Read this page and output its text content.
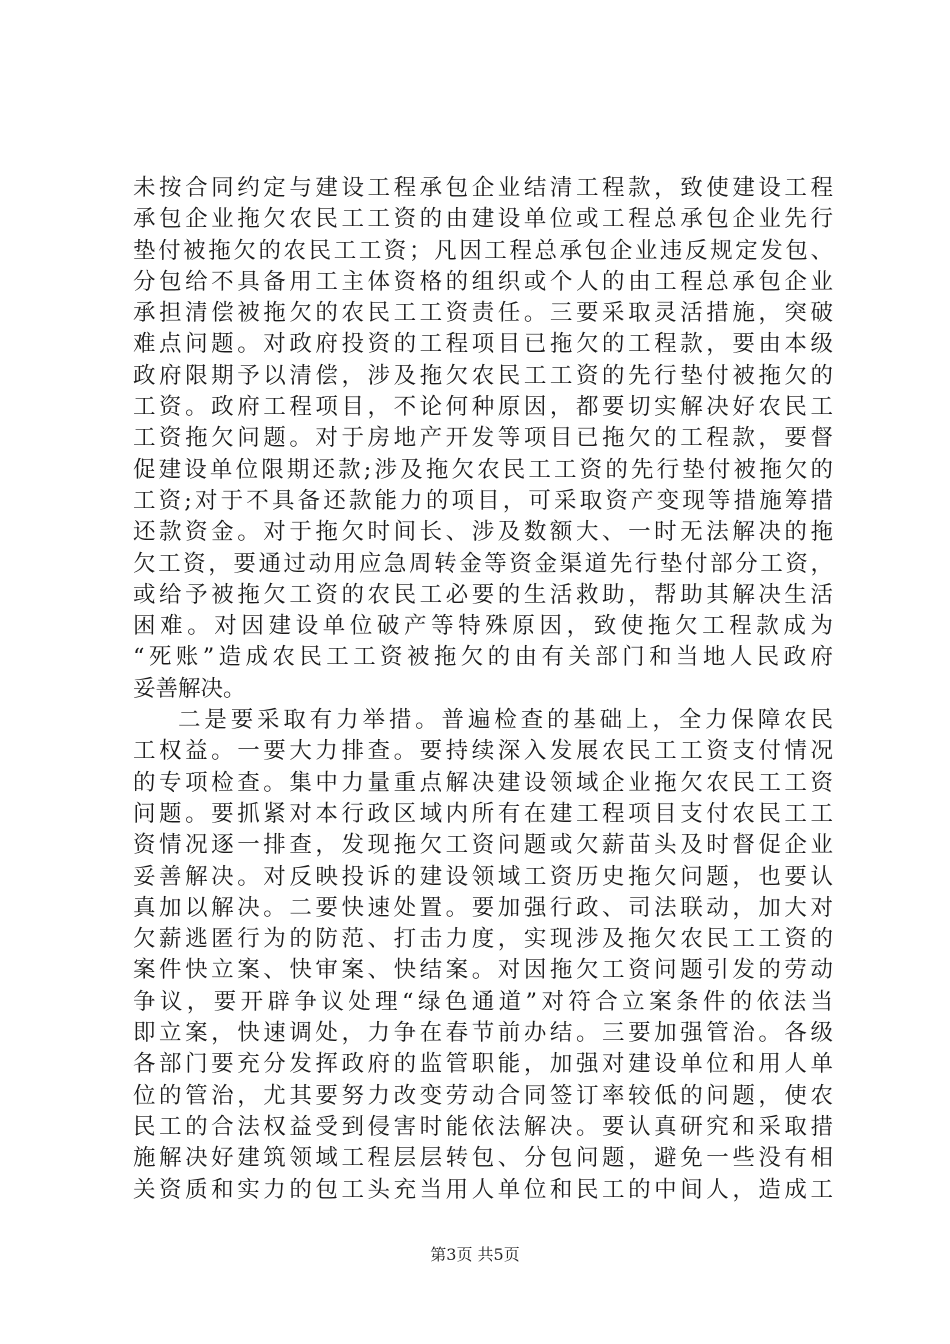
未按合同约定与建设工程承包企业结清工程款，致使建设工程
承包企业拖欠农民工工资的由建设单位或工程总承包企业先行
垫付被拖欠的农民工工资；凡因工程总承包企业违反规定发包、
分包给不具备用工主体资格的组织或个人的由工程总承包企业
承担清偿被拖欠的农民工工资责任。三要采取灵活措施，突破
难点问题。对政府投资的工程项目已拖欠的工程款，要由本级
政府限期予以清偿，涉及拖欠农民工工资的先行垫付被拖欠的
工资。政府工程项目，不论何种原因，都要切实解决好农民工
工资拖欠问题。对于房地产开发等项目已拖欠的工程款，要督
促建设单位限期还款;涉及拖欠农民工工资的先行垫付被拖欠的
工资;对于不具备还款能力的项目，可采取资产变现等措施筹措
还款资金。对于拖欠时间长、涉及数额大、一时无法解决的拖
欠工资，要通过动用应急周转金等资金渠道先行垫付部分工资，
或给予被拖欠工资的农民工必要的生活救助，帮助其解决生活
困难。对因建设单位破产等特殊原因，致使拖欠工程款成为
“死账”造成农民工工资被拖欠的由有关部门和当地人民政府
妥善解决。
二是要采取有力举措。普遍检查的基础上，全力保障农民
工权益。一要大力排查。要持续深入发展农民工工资支付情况
的专项检查。集中力量重点解决建设领域企业拖欠农民工工资
问题。要抓紧对本行政区域内所有在建工程项目支付农民工工
资情况逐一排查，发现拖欠工资问题或欠薪苗头及时督促企业
妥善解决。对反映投诉的建设领域工资历史拖欠问题，也要认
真加以解决。二要快速处置。要加强行政、司法联动，加大对
欠薪逃匿行为的防范、打击力度，实现涉及拖欠农民工工资的
案件快立案、快审案、快结案。对因拖欠工资问题引发的劳动
争议，要开辟争议处理“绿色通道”对符合立案条件的依法当
即立案，快速调处，力争在春节前办结。三要加强管治。各级
各部门要充分发挥政府的监管职能，加强对建设单位和用人单
位的管治，尤其要努力改变劳动合同签订率较低的问题，使农
民工的合法权益受到侵害时能依法解决。要认真研究和采取措
施解决好建筑领域工程层层转包、分包问题，避免一些没有相
关资质和实力的包工头充当用人单位和民工的中间人，造成工
第3页 共5页
